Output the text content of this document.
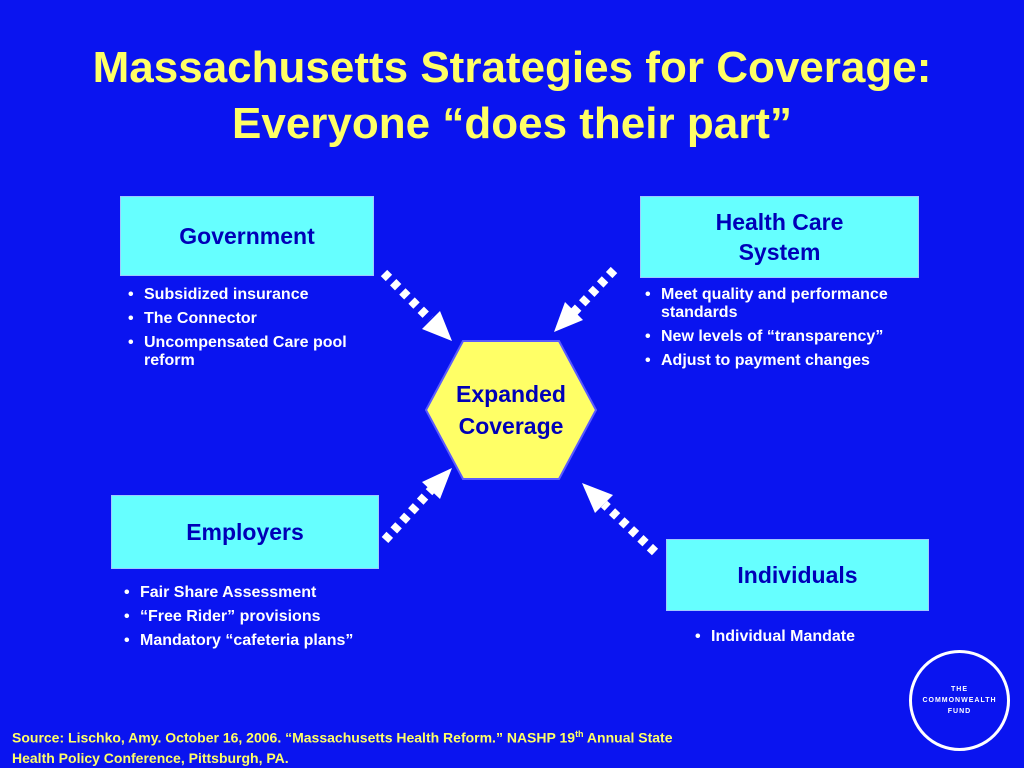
Massachusetts Strategies for Coverage:
Everyone “does their part”
Government
• Subsidized insurance
• The Connector
• Uncompensated Care pool reform
Health Care
System
• Meet quality and performance standards
• New levels of “transparency”
• Adjust to payment changes
Employers
• Fair Share Assessment
• “Free Rider” provisions
• Mandatory “cafeteria plans”
Individuals
• Individual Mandate
Expanded
Coverage
Source: Lischko, Amy. October 16, 2006. “Massachusetts Health Reform.” NASHP 19th Annual State
Health Policy Conference, Pittsburgh, PA.
THE
COMMONWEALTH
FUND
